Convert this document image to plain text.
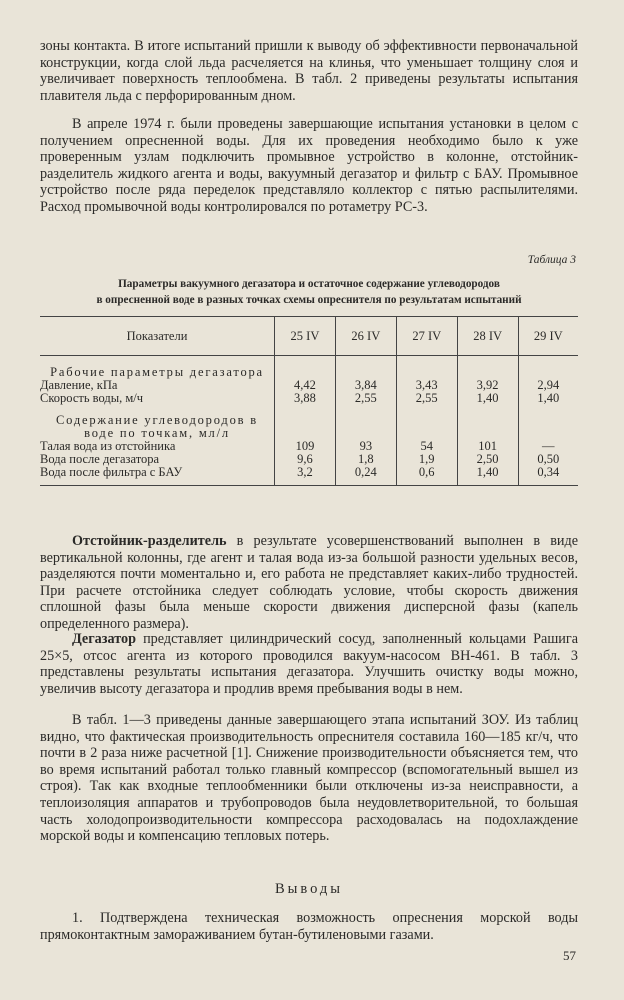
зоны контакта. В итоге испытаний пришли к выводу об эффективности первоначальной конструкции, когда слой льда расчеляется на клинья, что уменьшает толщину слоя и увеличивает поверхность теплообмена. В табл. 2 приведены результаты испытания плавителя льда с перфорированным дном.

В апреле 1974 г. были проведены завершающие испытания установки в целом с получением опресненной воды. Для их проведения необходимо было к уже проверенным узлам подключить промывное устройство в колонне, отстойник-разделитель жидкого агента и воды, вакуумный дегазатор и фильтр с БАУ. Промывное устройство после ряда переделок представляло коллектор с пятью распылителями. Расход промывочной воды контролировался по ротаметру РС-3.

Таблица 3
Параметры вакуумного дегазатора и остаточное содержание углеводородов
в опресненной воде в разных точках схемы опреснителя по результатам испытаний
Показатели	25 IV	26 IV	27 IV	28 IV	29 IV

Рабочие параметры дегазатора					

Давление, кПа	4,42	3,84	3,43	3,92	2,94
Скорость воды, м/ч	3,88	2,55	2,55	1,40	1,40

Содержание углеводородов в воде по точкам, мл/л					

Талая вода из отстойника	109	93	54	101	—
Вода после дегазатора	9,6	1,8	1,9	2,50	0,50
Вода после фильтра с БАУ	3,2	0,24	0,6	1,40	0,34

Отстойник-разделитель в результате усовершенствований выполнен в виде вертикальной колонны, где агент и талая вода из-за большой разности удельных весов, разделяются почти моментально и, его работа не представляет каких-либо трудностей. При расчете отстойника следует соблюдать условие, чтобы скорость движения сплошной фазы была меньше скорости движения дисперсной фазы (капель определенного размера).

Дегазатор представляет цилиндрический сосуд, заполненный кольцами Рашига 25×5, отсос агента из которого проводился вакуум-насосом ВН-461. В табл. 3 представлены результаты испытания дегазатора. Улучшить очистку воды можно, увеличив высоту дегазатора и продлив время пребывания воды в нем.

В табл. 1—3 приведены данные завершающего этапа испытаний ЗОУ. Из таблиц видно, что фактическая производительность опреснителя составила 160—185 кг/ч, что почти в 2 раза ниже расчетной [1]. Снижение производительности объясняется тем, что во время испытаний работал только главный компрессор (вспомогательный вышел из строя). Так как входные теплообменники были отключены из-за неисправности, а теплоизоляция аппаратов и трубопроводов была неудовлетворительной, то большая часть холодопроизводительности компрессора расходовалась на подохлаждение морской воды и компенсацию тепловых потерь.

Выводы

1. Подтверждена техническая возможность опреснения морской воды прямоконтактным замораживанием бутан-бутиленовыми газами.

57
